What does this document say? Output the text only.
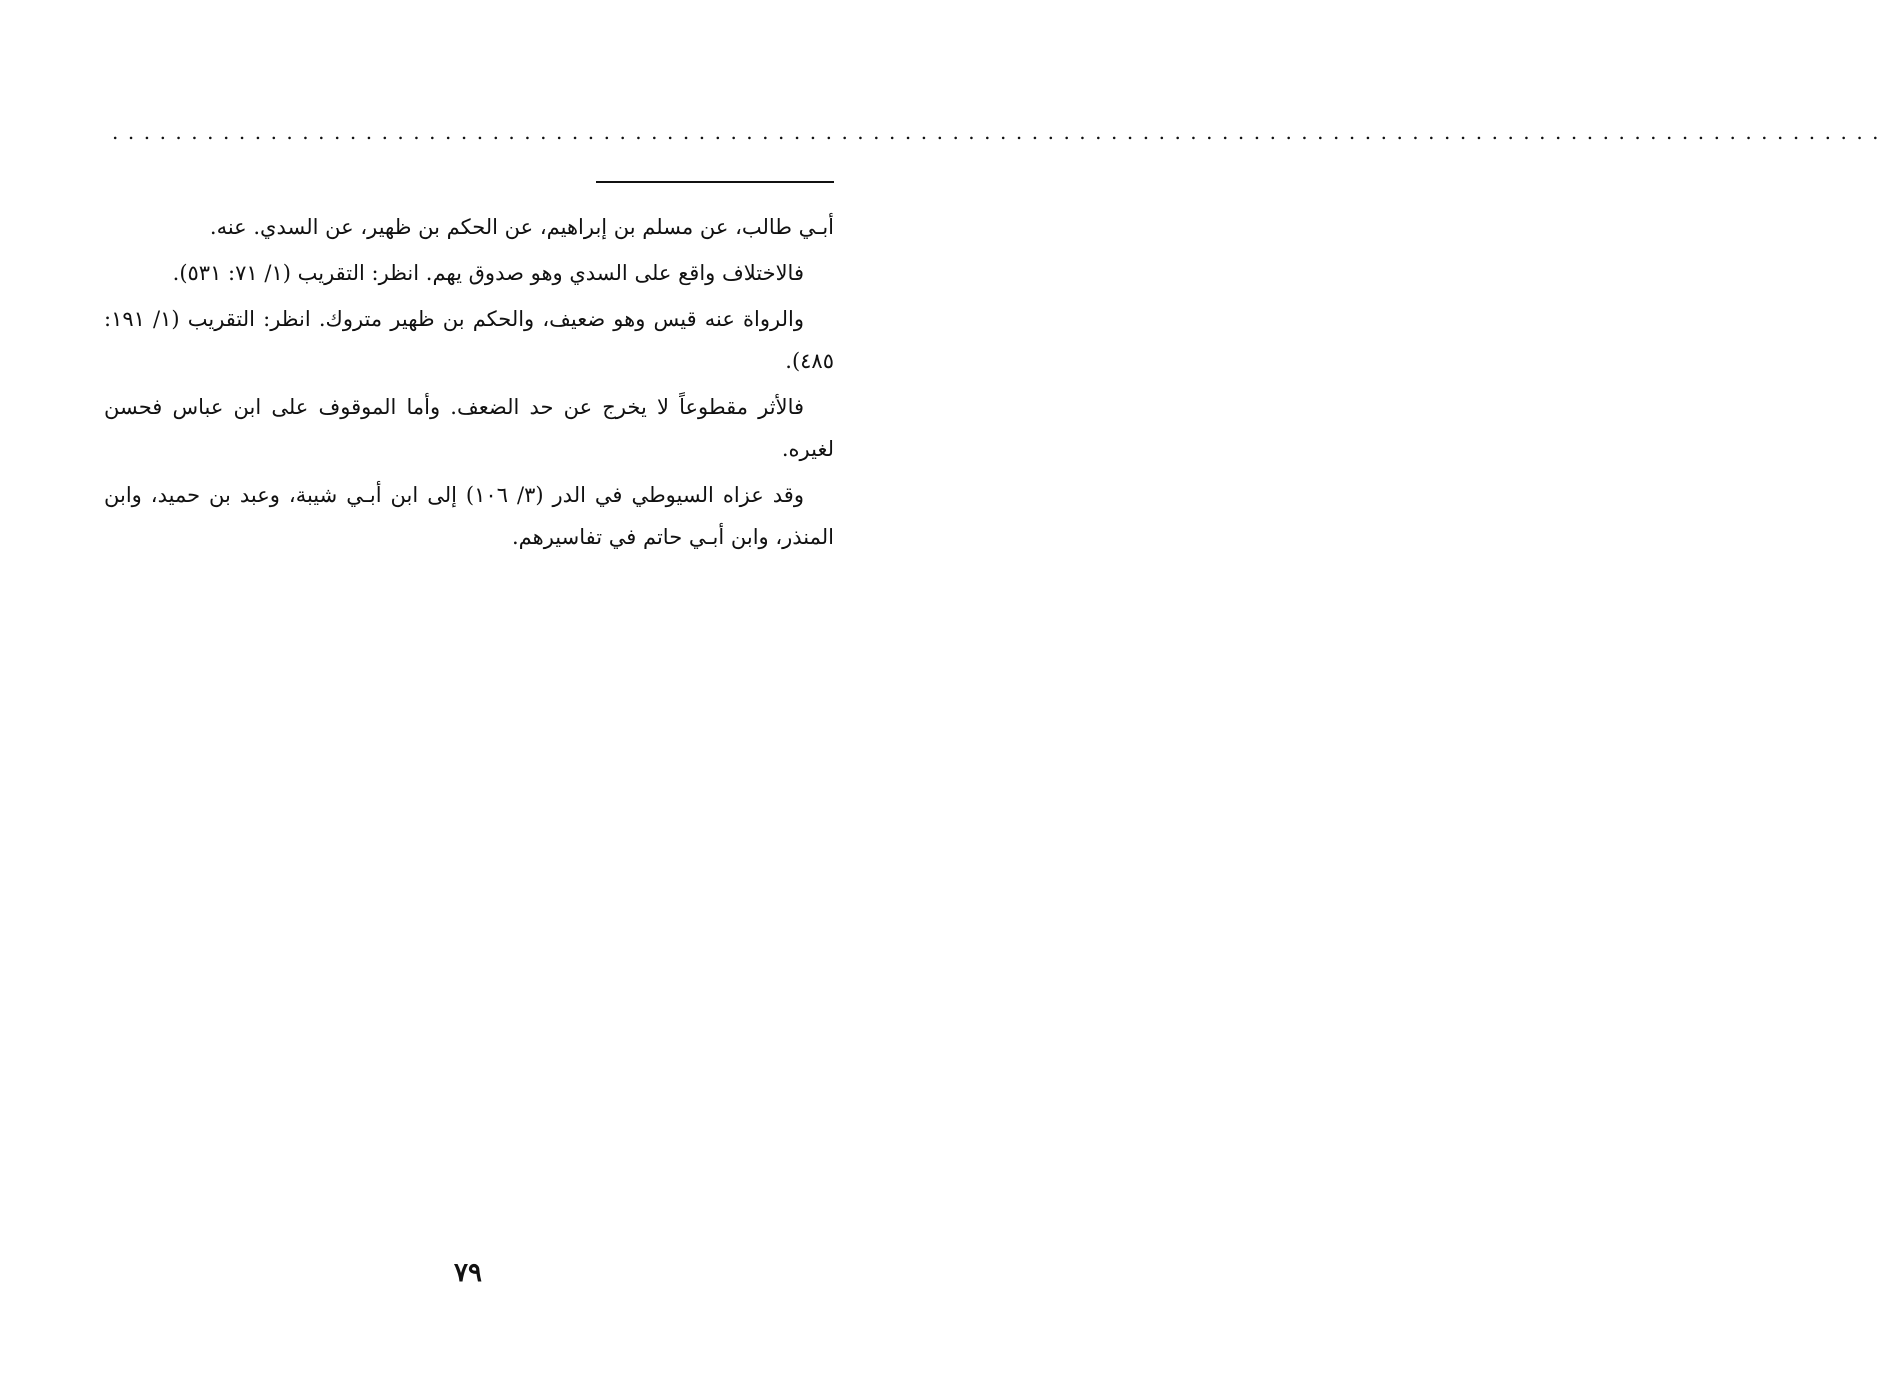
................................................................................................................

أبـي طالب، عن مسلم بن إبراهيم، عن الحكم بن ظهير، عن السدي. عنه.

فالاختلاف واقع على السدي وهو صدوق يهم. انظر: التقريب (١/ ٧١: ٥٣١).

والرواة عنه قيس وهو ضعيف، والحكم بن ظهير متروك. انظر: التقريب (١/ ١٩١: ٤٨٥).

فالأثر مقطوعاً لا يخرج عن حد الضعف. وأما الموقوف على ابن عباس فحسن لغيره.

وقد عزاه السيوطي في الدر (٣/ ١٠٦) إلى ابن أبـي شيبة، وعبد بن حميد، وابن المنذر، وابن أبـي حاتم في تفاسيرهم.

٧٩
